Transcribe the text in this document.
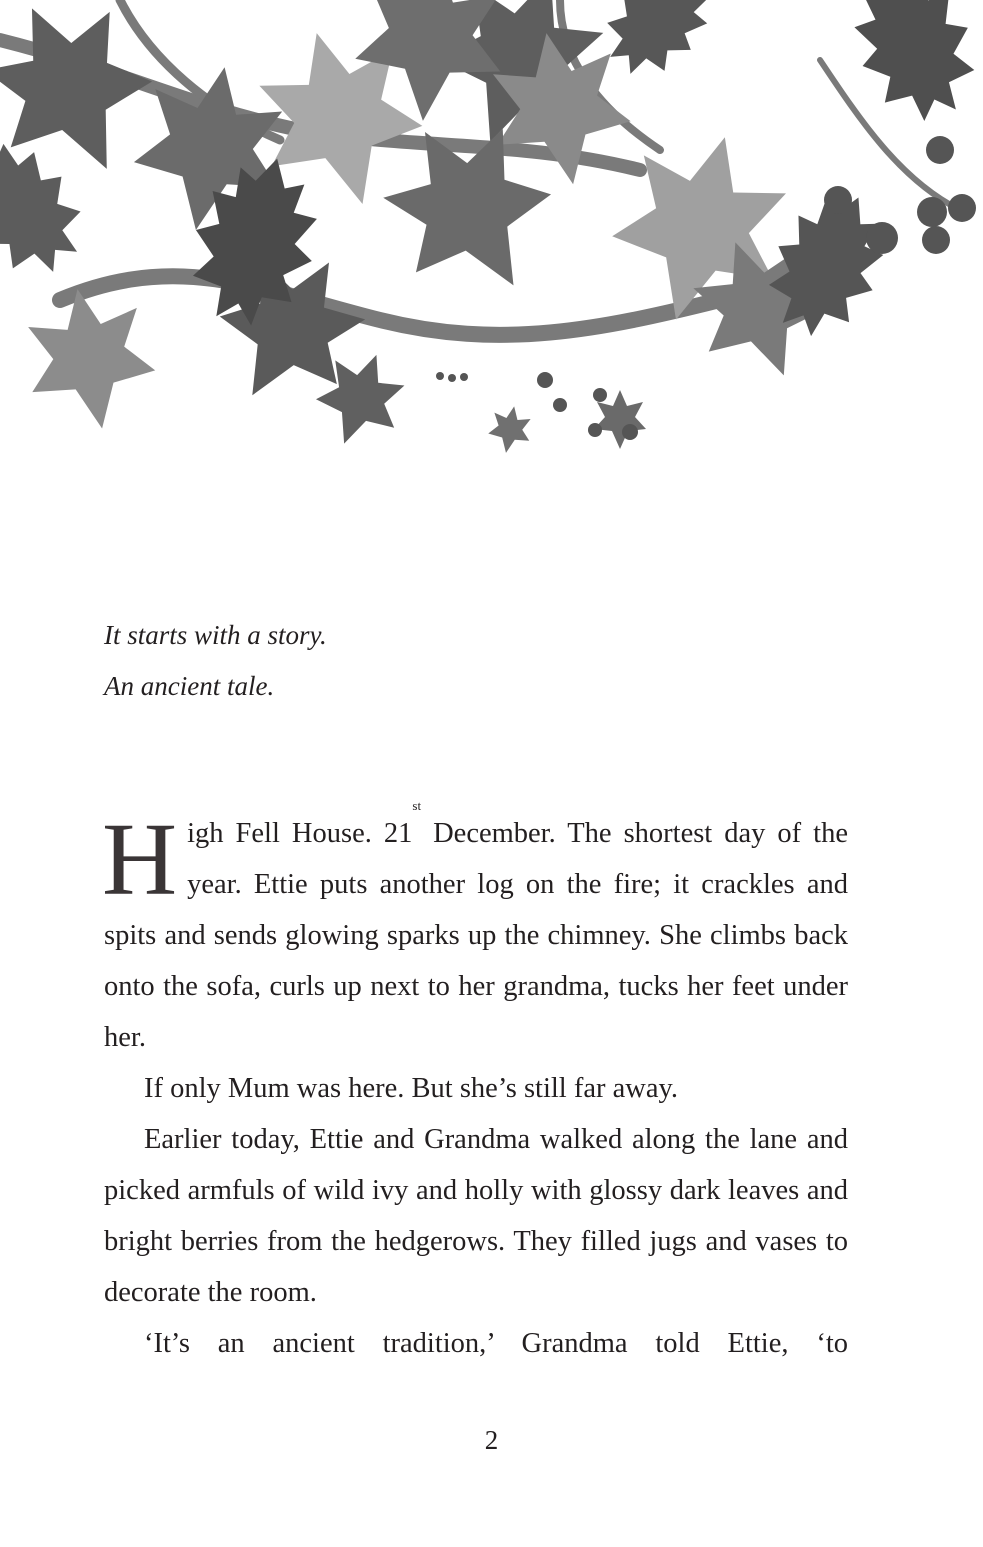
It starts with a story.
An ancient tale.

High Fell House. 21st December. The shortest day of the year. Ettie puts another log on the fire; it crackles and spits and sends glowing sparks up the chimney. She climbs back onto the sofa, curls up next to her grandma, tucks her feet under her.

If only Mum was here. But she’s still far away.

Earlier today, Ettie and Grandma walked along the lane and picked armfuls of wild ivy and holly with glossy dark leaves and bright berries from the hedgerows. They filled jugs and vases to decorate the room.

‘It’s an ancient tradition,’ Grandma told Ettie, ‘to

2
